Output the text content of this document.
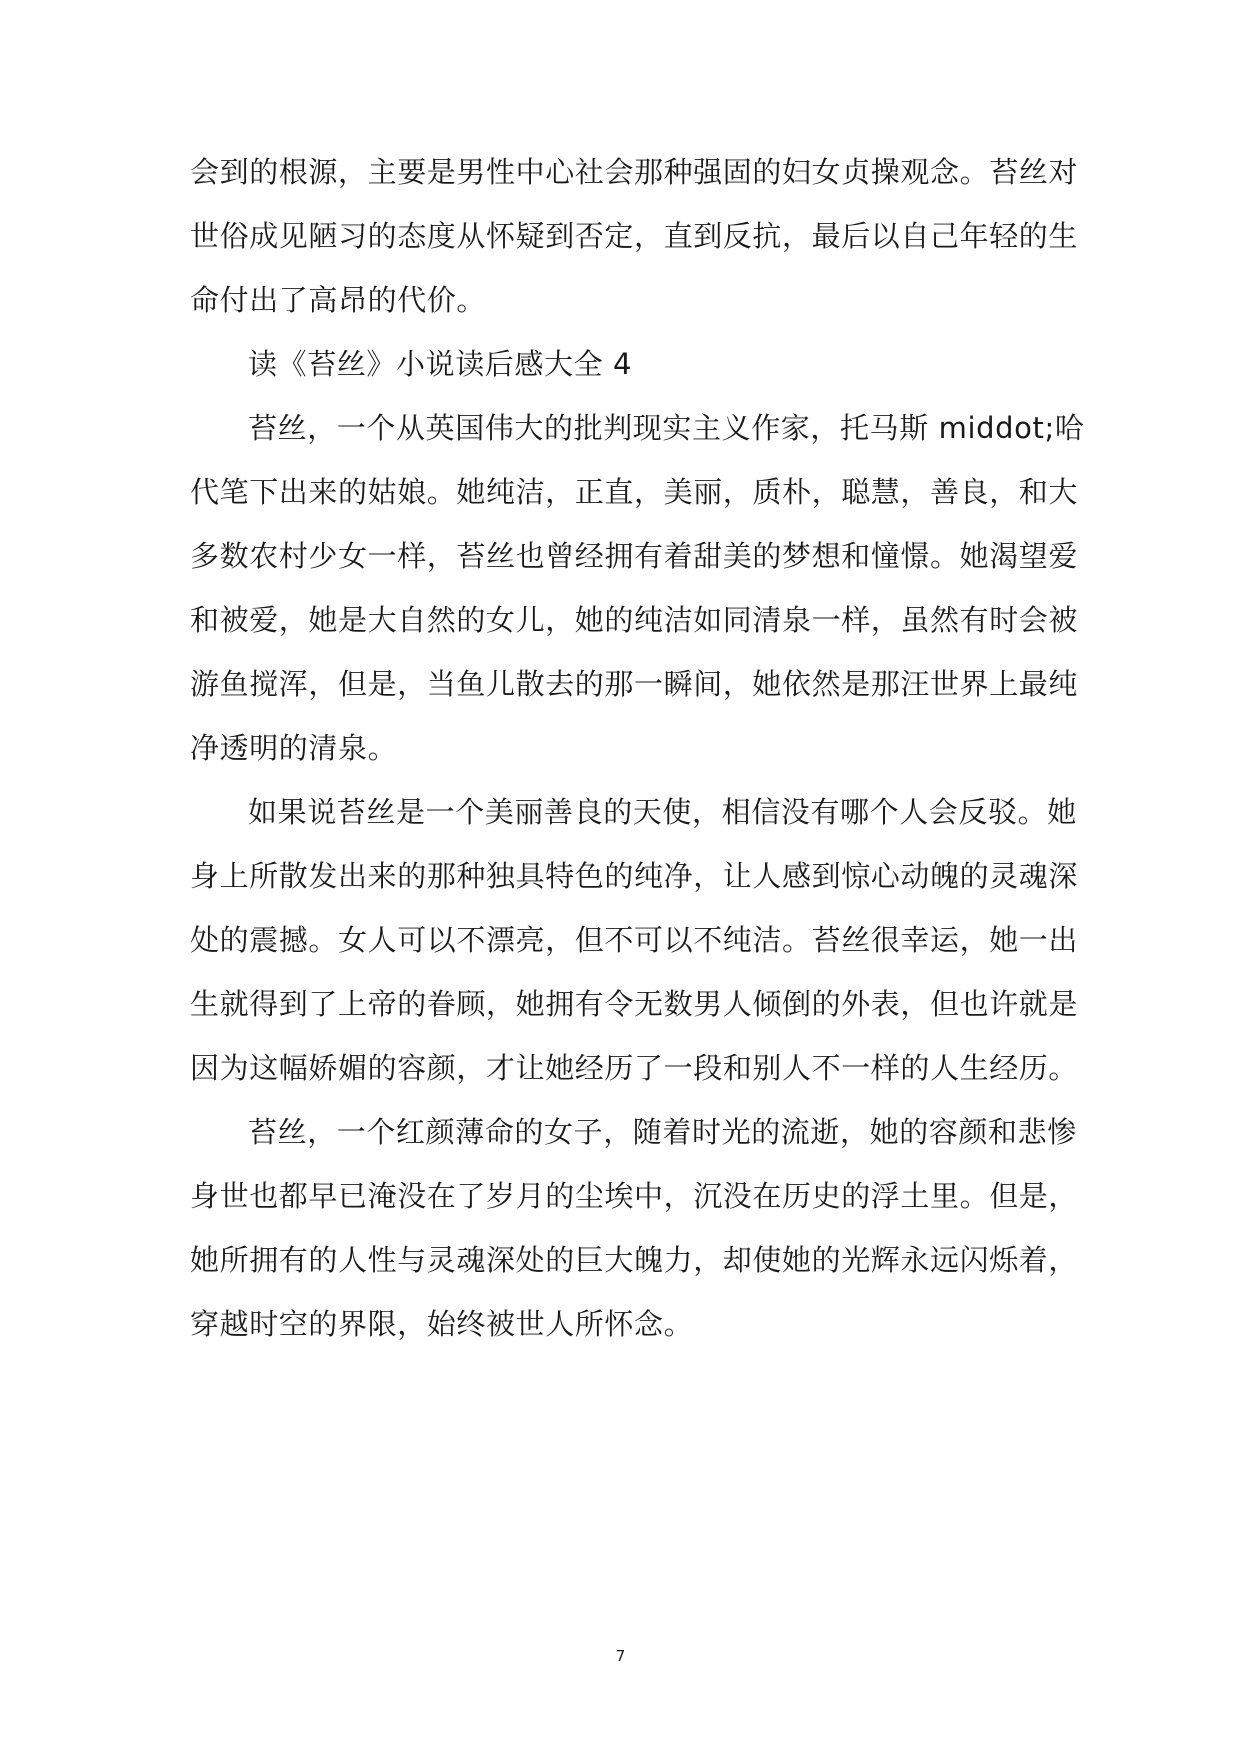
会到的根源，主要是男性中心社会那种强固的妇女贞操观念。苔丝对
世俗成见陋习的态度从怀疑到否定，直到反抗，最后以自己年轻的生
命付出了高昂的代价。
读《苔丝》小说读后感大全 4
苔丝，一个从英国伟大的批判现实主义作家，托马斯 middot;哈
代笔下出来的姑娘。她纯洁，正直，美丽，质朴，聪慧，善良，和大
多数农村少女一样，苔丝也曾经拥有着甜美的梦想和憧憬。她渴望爱
和被爱，她是大自然的女儿，她的纯洁如同清泉一样，虽然有时会被
游鱼搅浑，但是，当鱼儿散去的那一瞬间，她依然是那汪世界上最纯
净透明的清泉。
如果说苔丝是一个美丽善良的天使，相信没有哪个人会反驳。她
身上所散发出来的那种独具特色的纯净，让人感到惊心动魄的灵魂深
处的震撼。女人可以不漂亮，但不可以不纯洁。苔丝很幸运，她一出
生就得到了上帝的眷顾，她拥有令无数男人倾倒的外表，但也许就是
因为这幅娇媚的容颜，才让她经历了一段和别人不一样的人生经历。
苔丝，一个红颜薄命的女子，随着时光的流逝，她的容颜和悲惨
身世也都早已淹没在了岁月的尘埃中，沉没在历史的浮土里。但是，
她所拥有的人性与灵魂深处的巨大魄力，却使她的光辉永远闪烁着，
穿越时空的界限，始终被世人所怀念。
7
